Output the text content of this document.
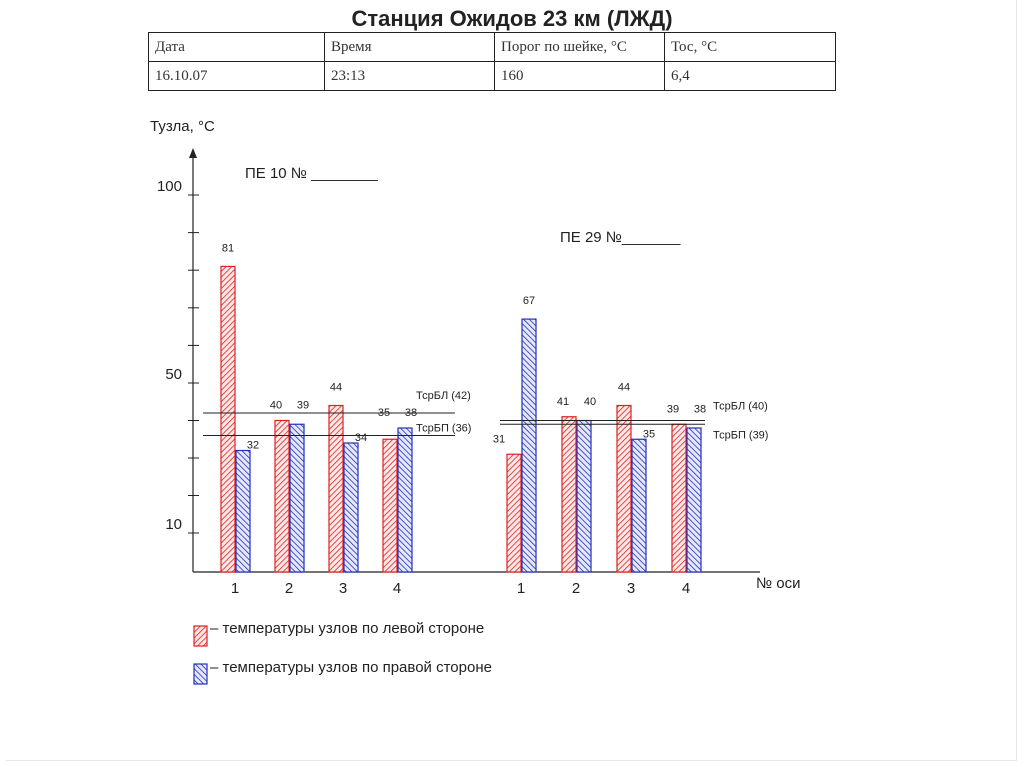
Станция Ожидов 23 км (ЛЖД)
Дата	Время	Порог по шейке, °С	Тос, °С
16.10.07	23:13	160	6,4
100
50
10
Тузла, °С
№ оси
ПЕ 10 № ________
81
32
1
40 39
2
44
34
3
35 38
4
ТсрБЛ (42)
ТсрБП (36)
ПЕ 29 №_______
31
67
1
41 40
2
44
35
3
39 38
4
ТсрБЛ (40)
ТсрБП (39)
– температуры узлов по левой стороне
– температуры узлов по правой стороне
